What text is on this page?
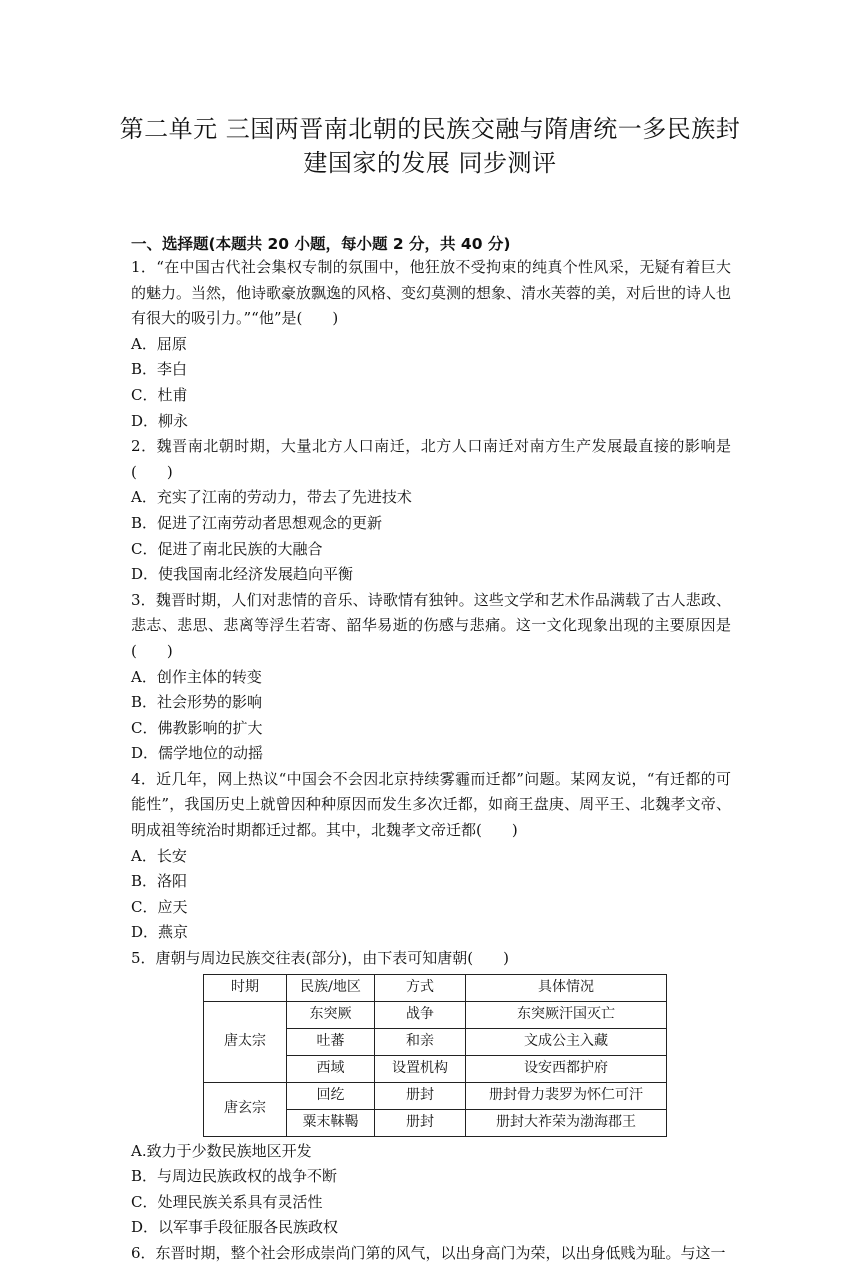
第二单元 三国两晋南北朝的民族交融与隋唐统一多民族封
建国家的发展 同步测评
一、选择题(本题共 20 小题，每小题 2 分，共 40 分)

1．“在中国古代社会集权专制的氛围中，他狂放不受拘束的纯真个性风采，无疑有着巨大的魅力。当然，他诗歌豪放飘逸的风格、变幻莫测的想象、清水芙蓉的美，对后世的诗人也有很大的吸引力。”“他”是(　　)

A．屈原

B．李白

C．杜甫

D．柳永

2．魏晋南北朝时期，大量北方人口南迁，北方人口南迁对南方生产发展最直接的影响是(　　)

A．充实了江南的劳动力，带去了先进技术

B．促进了江南劳动者思想观念的更新

C．促进了南北民族的大融合

D．使我国南北经济发展趋向平衡

3．魏晋时期，人们对悲情的音乐、诗歌情有独钟。这些文学和艺术作品满载了古人悲政、悲志、悲思、悲离等浮生若寄、韶华易逝的伤感与悲痛。这一文化现象出现的主要原因是(　　)

A．创作主体的转变

B．社会形势的影响

C．佛教影响的扩大

D．儒学地位的动摇

4．近几年，网上热议“中国会不会因北京持续雾霾而迁都”问题。某网友说，“有迁都的可能性”，我国历史上就曾因种种原因而发生多次迁都，如商王盘庚、周平王、北魏孝文帝、明成祖等统治时期都迁过都。其中，北魏孝文帝迁都(　　)

A．长安

B．洛阳

C．应天

D．燕京

5．唐朝与周边民族交往表(部分)，由下表可知唐朝(　　)

时期	民族/地区	方式	具体情况
唐太宗	东突厥	战争	东突厥汗国灭亡
	吐蕃	和亲	文成公主入藏
	西域	设置机构	设安西都护府
唐玄宗	回纥	册封	册封骨力裴罗为怀仁可汗
	粟末靺鞨	册封	册封大祚荣为渤海郡王

A.致力于少数民族地区开发

B．与周边民族政权的战争不断

C．处理民族关系具有灵活性

D．以军事手段征服各民族政权

6．东晋时期，整个社会形成崇尚门第的风气，以出身高门为荣，以出身低贱为耻。与这一
